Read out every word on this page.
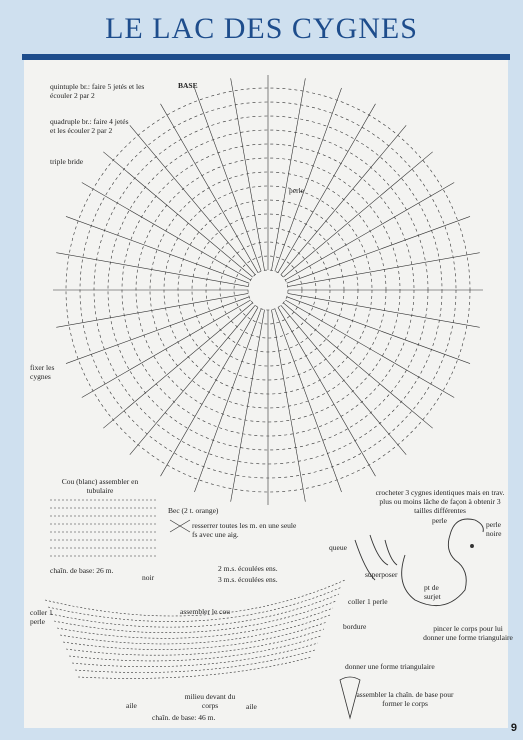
LE LAC DES CYGNES
quintuple br.: faire 5 jetés et les écouler 2 par 2
quadruple br.: faire 4 jetés et les écouler 2 par 2
triple bride
BASE
perle
fixer les cygnes
Cou (blanc) assembler en tubulaire
chaîn. de base: 26 m.
noir
Bec (2 t. orange)
resserrer toutes les m. en une seule fs avec une aig.
2 m.s. écoulées ens.
3 m.s. écoulées ens.
crocheter 3 cygnes identiques mais en trav. plus ou moins lâche de façon à obtenir 3 tailles différentes
perle	perle noire
queue
superposer
pt de surjet
coller 1 perle
bordure	pincer le corps pour lui donner une forme triangulaire
coller 1 perle
assembler le cou
milieu devant du corps
aile	aile
chaîn. de base: 46 m.
donner une forme triangulaire
assembler la chaîn. de base pour former le corps
9
